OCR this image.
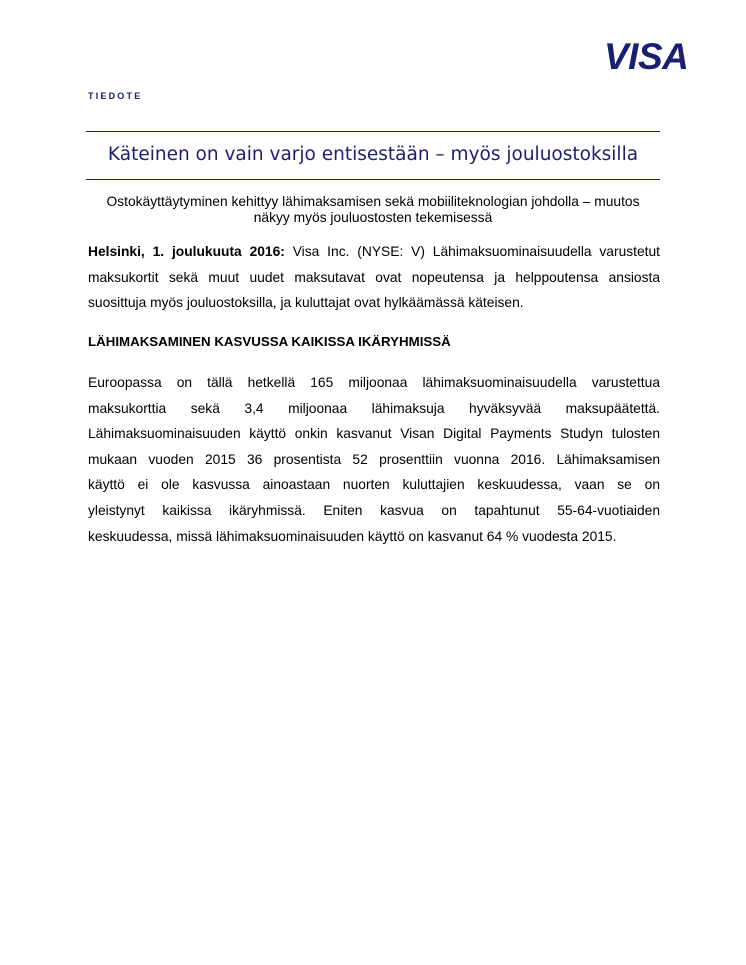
VISA
TIEDOTE
Käteinen on vain varjo entisestään – myös jouluostoksilla
Ostokäyttäytyminen kehittyy lähimaksamisen sekä mobiiliteknologian johdolla – muutos
näkyy myös jouluostosten tekemisessä
Helsinki, 1. joulukuuta 2016: Visa Inc. (NYSE: V) Lähimaksuominaisuudella varustetut
maksukortit sekä muut uudet maksutavat ovat nopeutensa ja helppoutensa ansiosta
suosittuja myös jouluostoksilla, ja kuluttajat ovat hylkäämässä käteisen.
LÄHIMAKSAMINEN KASVUSSA KAIKISSA IKÄRYHMISSÄ
Euroopassa on tällä hetkellä 165 miljoonaa lähimaksuominaisuudella varustettua
maksukorttia sekä 3,4 miljoonaa lähimaksuja hyväksyvää maksupäätettä.
Lähimaksuominaisuuden käyttö onkin kasvanut Visan Digital Payments Studyn tulosten
mukaan vuoden 2015 36 prosentista 52 prosenttiin vuonna 2016. Lähimaksamisen
käyttö ei ole kasvussa ainoastaan nuorten kuluttajien keskuudessa, vaan se on
yleistynyt kaikissa ikäryhmissä. Eniten kasvua on tapahtunut 55-64-vuotiaiden
keskuudessa, missä lähimaksuominaisuuden käyttö on kasvanut 64 % vuodesta 2015.
